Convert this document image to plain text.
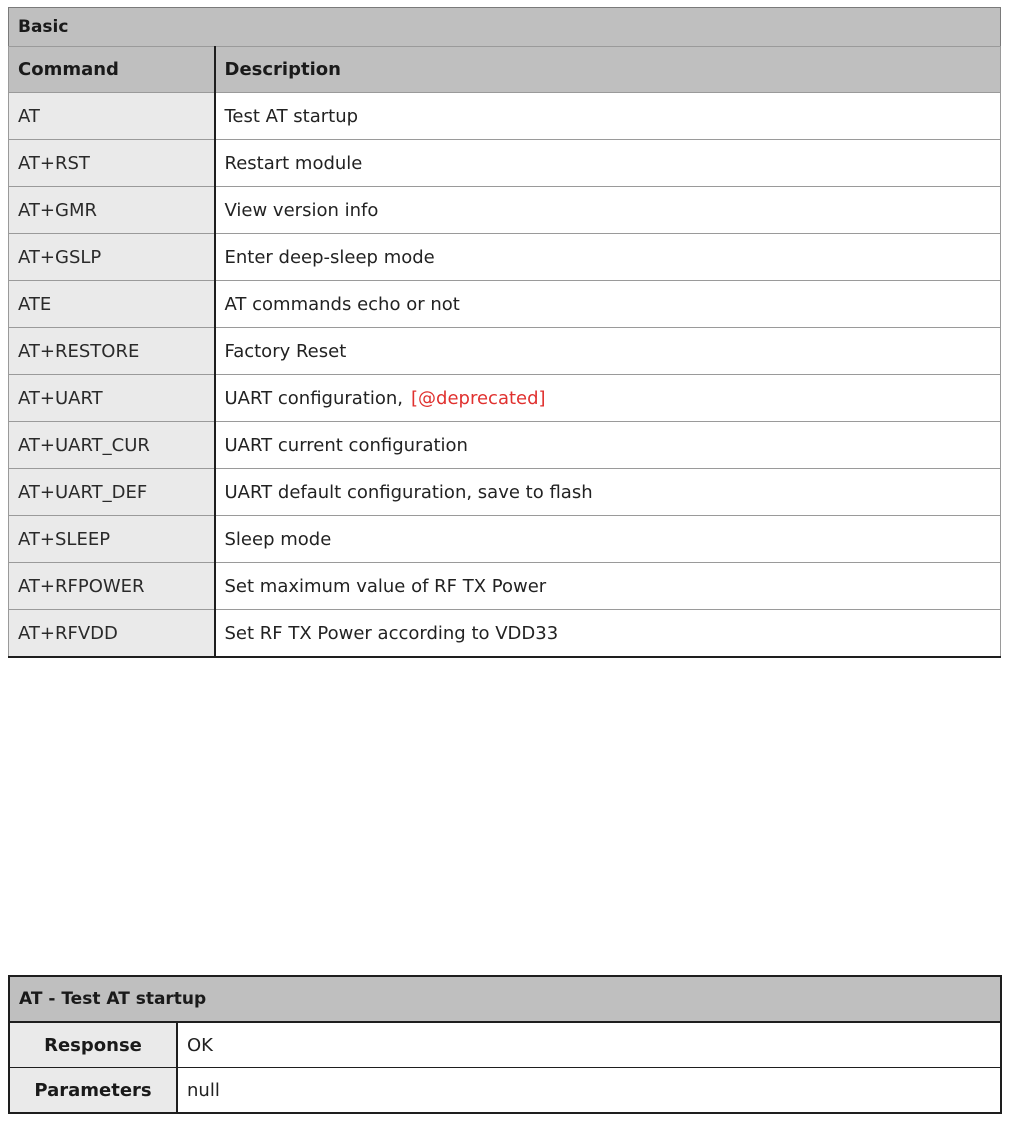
Basic	
Command	Description
AT	Test AT startup
AT+RST	Restart module
AT+GMR	View version info
AT+GSLP	Enter deep-sleep mode
ATE	AT commands echo or not
AT+RESTORE	Factory Reset
AT+UART	UART configuration, [@deprecated]
AT+UART_CUR	UART current configuration
AT+UART_DEF	UART default configuration, save to flash
AT+SLEEP	Sleep mode
AT+RFPOWER	Set maximum value of RF TX Power
AT+RFVDD	Set RF TX Power according to VDD33
AT - Test AT startup	
Response	OK
Parameters	null
